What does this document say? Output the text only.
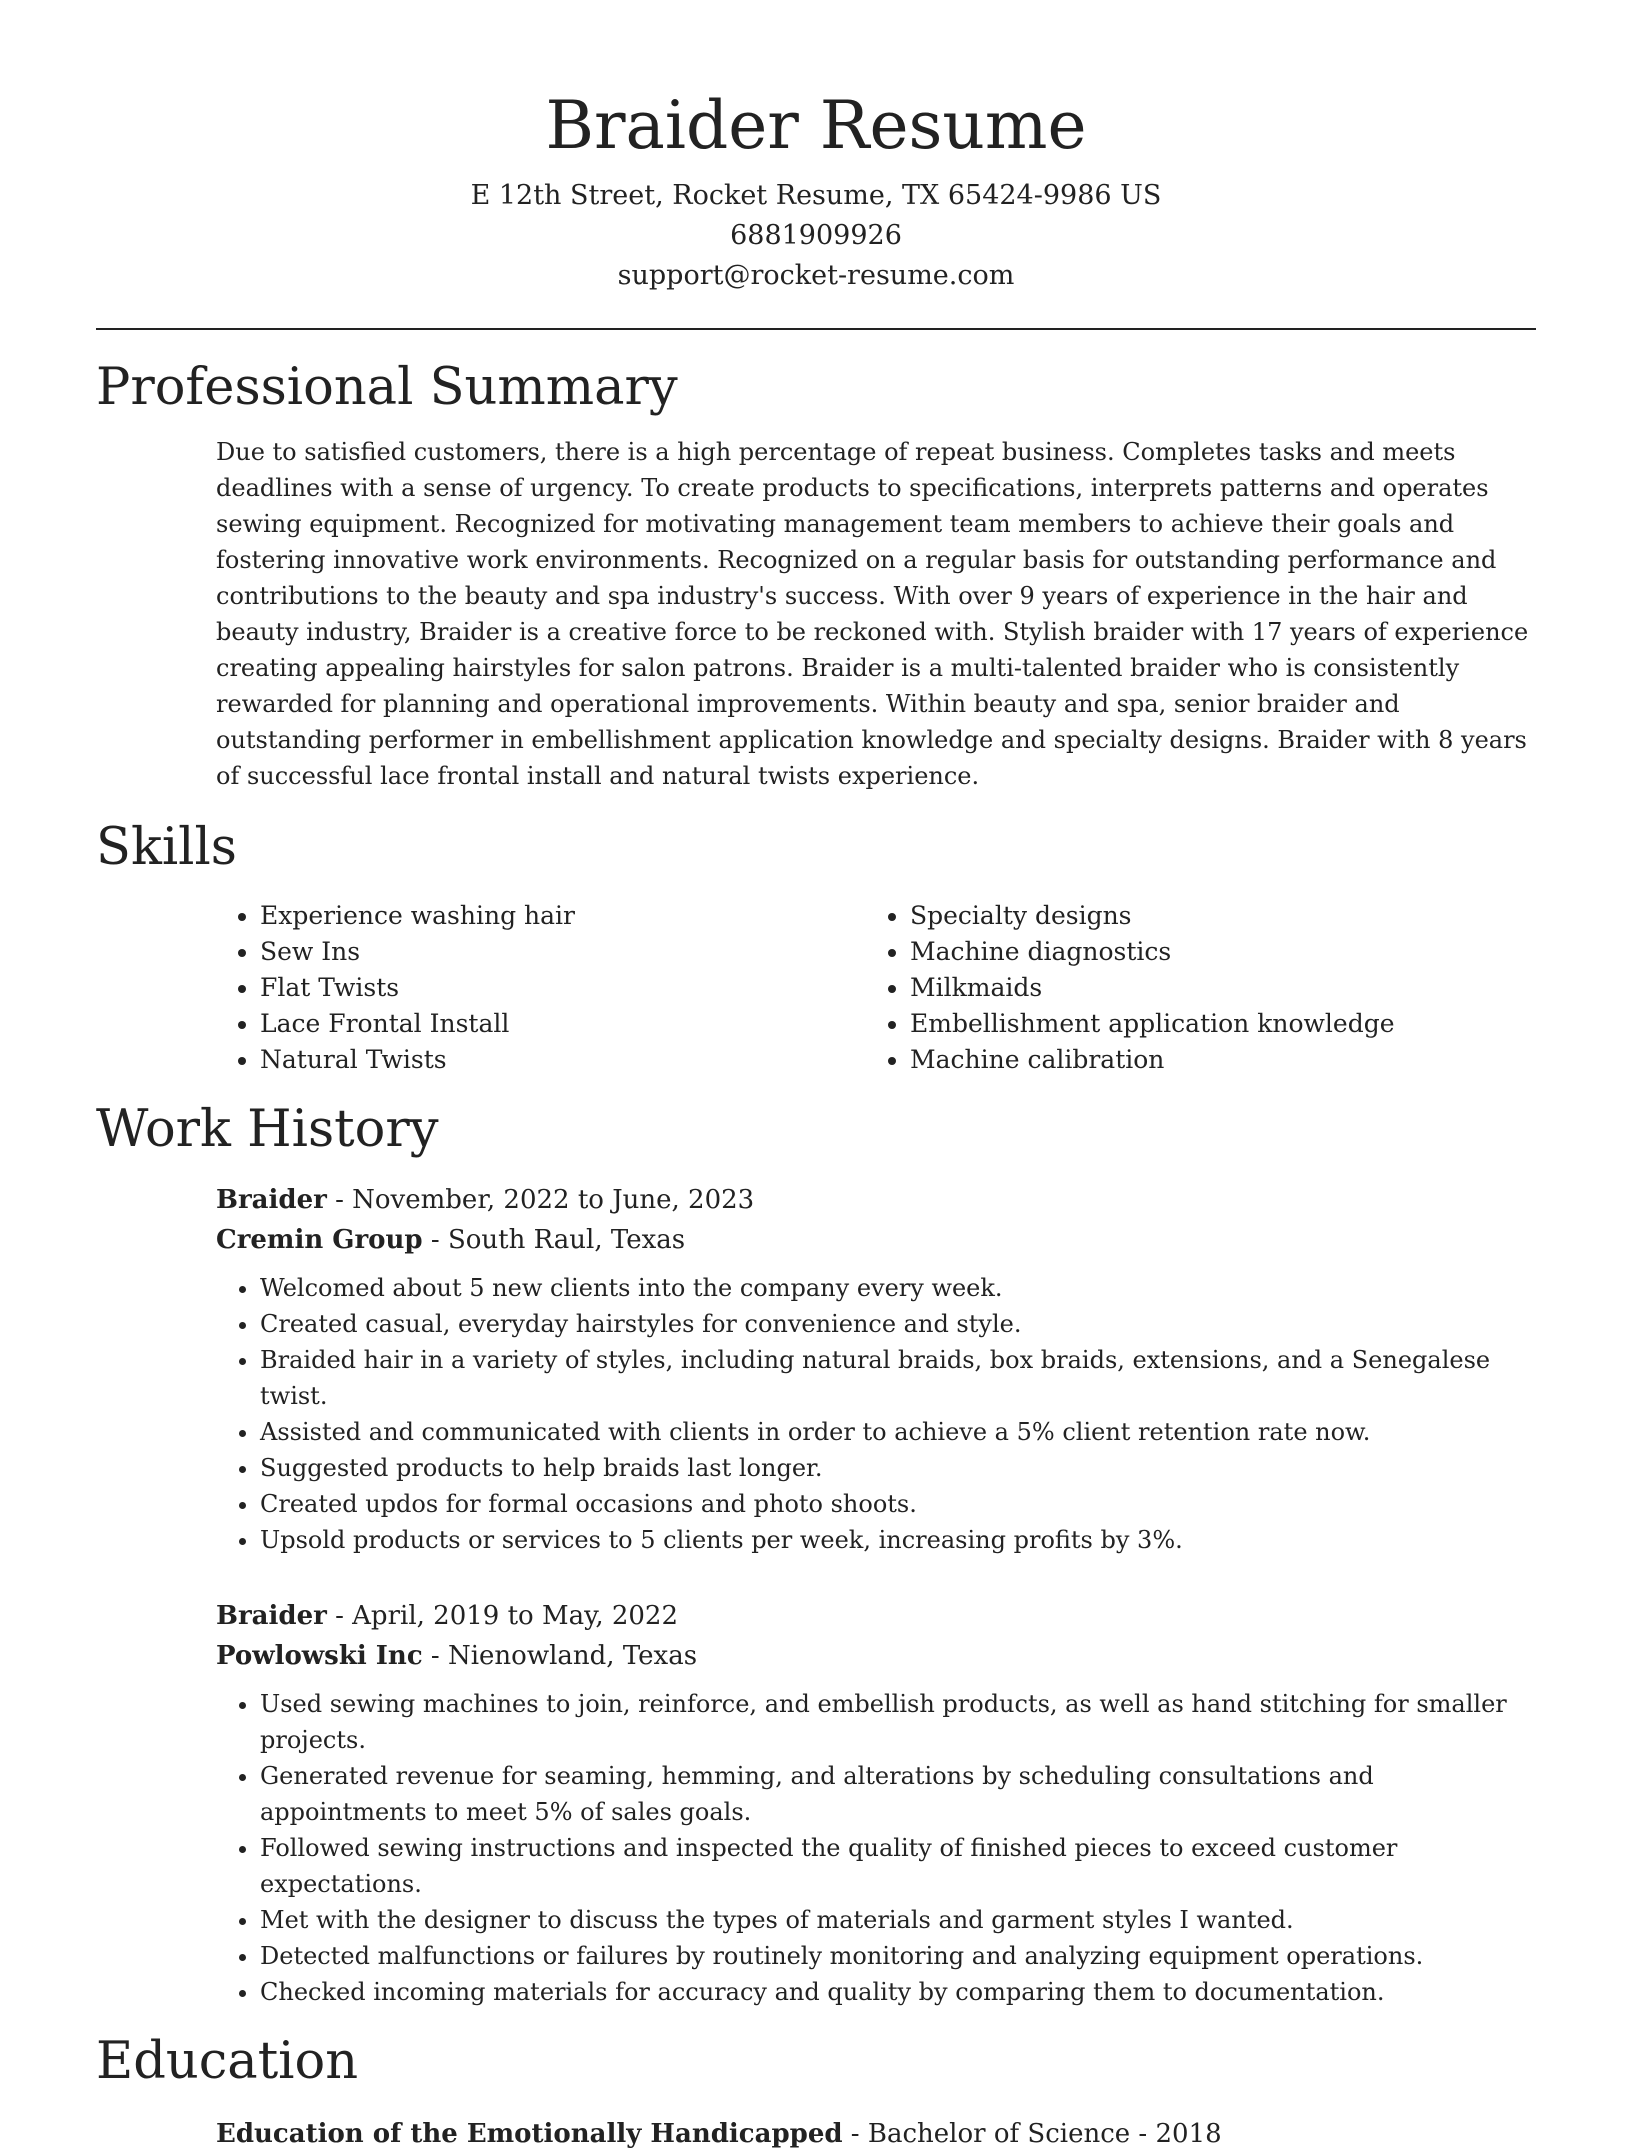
Braider Resume
E 12th Street, Rocket Resume, TX 65424-9986 US
6881909926
support@rocket-resume.com
Professional Summary

Due to satisfied customers, there is a high percentage of repeat business. Completes tasks and meets deadlines with a sense of urgency. To create products to specifications, interprets patterns and operates sewing equipment. Recognized for motivating management team members to achieve their goals and fostering innovative work environments. Recognized on a regular basis for outstanding performance and contributions to the beauty and spa industry's success. With over 9 years of experience in the hair and beauty industry, Braider is a creative force to be reckoned with. Stylish braider with 17 years of experience creating appealing hairstyles for salon patrons. Braider is a multi-talented braider who is consistently rewarded for planning and operational improvements. Within beauty and spa, senior braider and outstanding performer in embellishment application knowledge and specialty designs. Braider with 8 years of successful lace frontal install and natural twists experience.

Skills
• Experience washing hair
• Sew Ins
• Flat Twists
• Lace Frontal Install
• Natural Twists
• Specialty designs
• Machine diagnostics
• Milkmaids
• Embellishment application knowledge
• Machine calibration
Work History
Braider - November, 2022 to June, 2023
Cremin Group - South Raul, Texas
• Welcomed about 5 new clients into the company every week.
• Created casual, everyday hairstyles for convenience and style.
• Braided hair in a variety of styles, including natural braids, box braids, extensions, and a Senegalese twist.
• Assisted and communicated with clients in order to achieve a 5% client retention rate now.
• Suggested products to help braids last longer.
• Created updos for formal occasions and photo shoots.
• Upsold products or services to 5 clients per week, increasing profits by 3%.
Braider - April, 2019 to May, 2022
Powlowski Inc - Nienowland, Texas
• Used sewing machines to join, reinforce, and embellish products, as well as hand stitching for smaller projects.
• Generated revenue for seaming, hemming, and alterations by scheduling consultations and appointments to meet 5% of sales goals.
• Followed sewing instructions and inspected the quality of finished pieces to exceed customer expectations.
• Met with the designer to discuss the types of materials and garment styles I wanted.
• Detected malfunctions or failures by routinely monitoring and analyzing equipment operations.
• Checked incoming materials for accuracy and quality by comparing them to documentation.
Education
Education of the Emotionally Handicapped - Bachelor of Science - 2018
